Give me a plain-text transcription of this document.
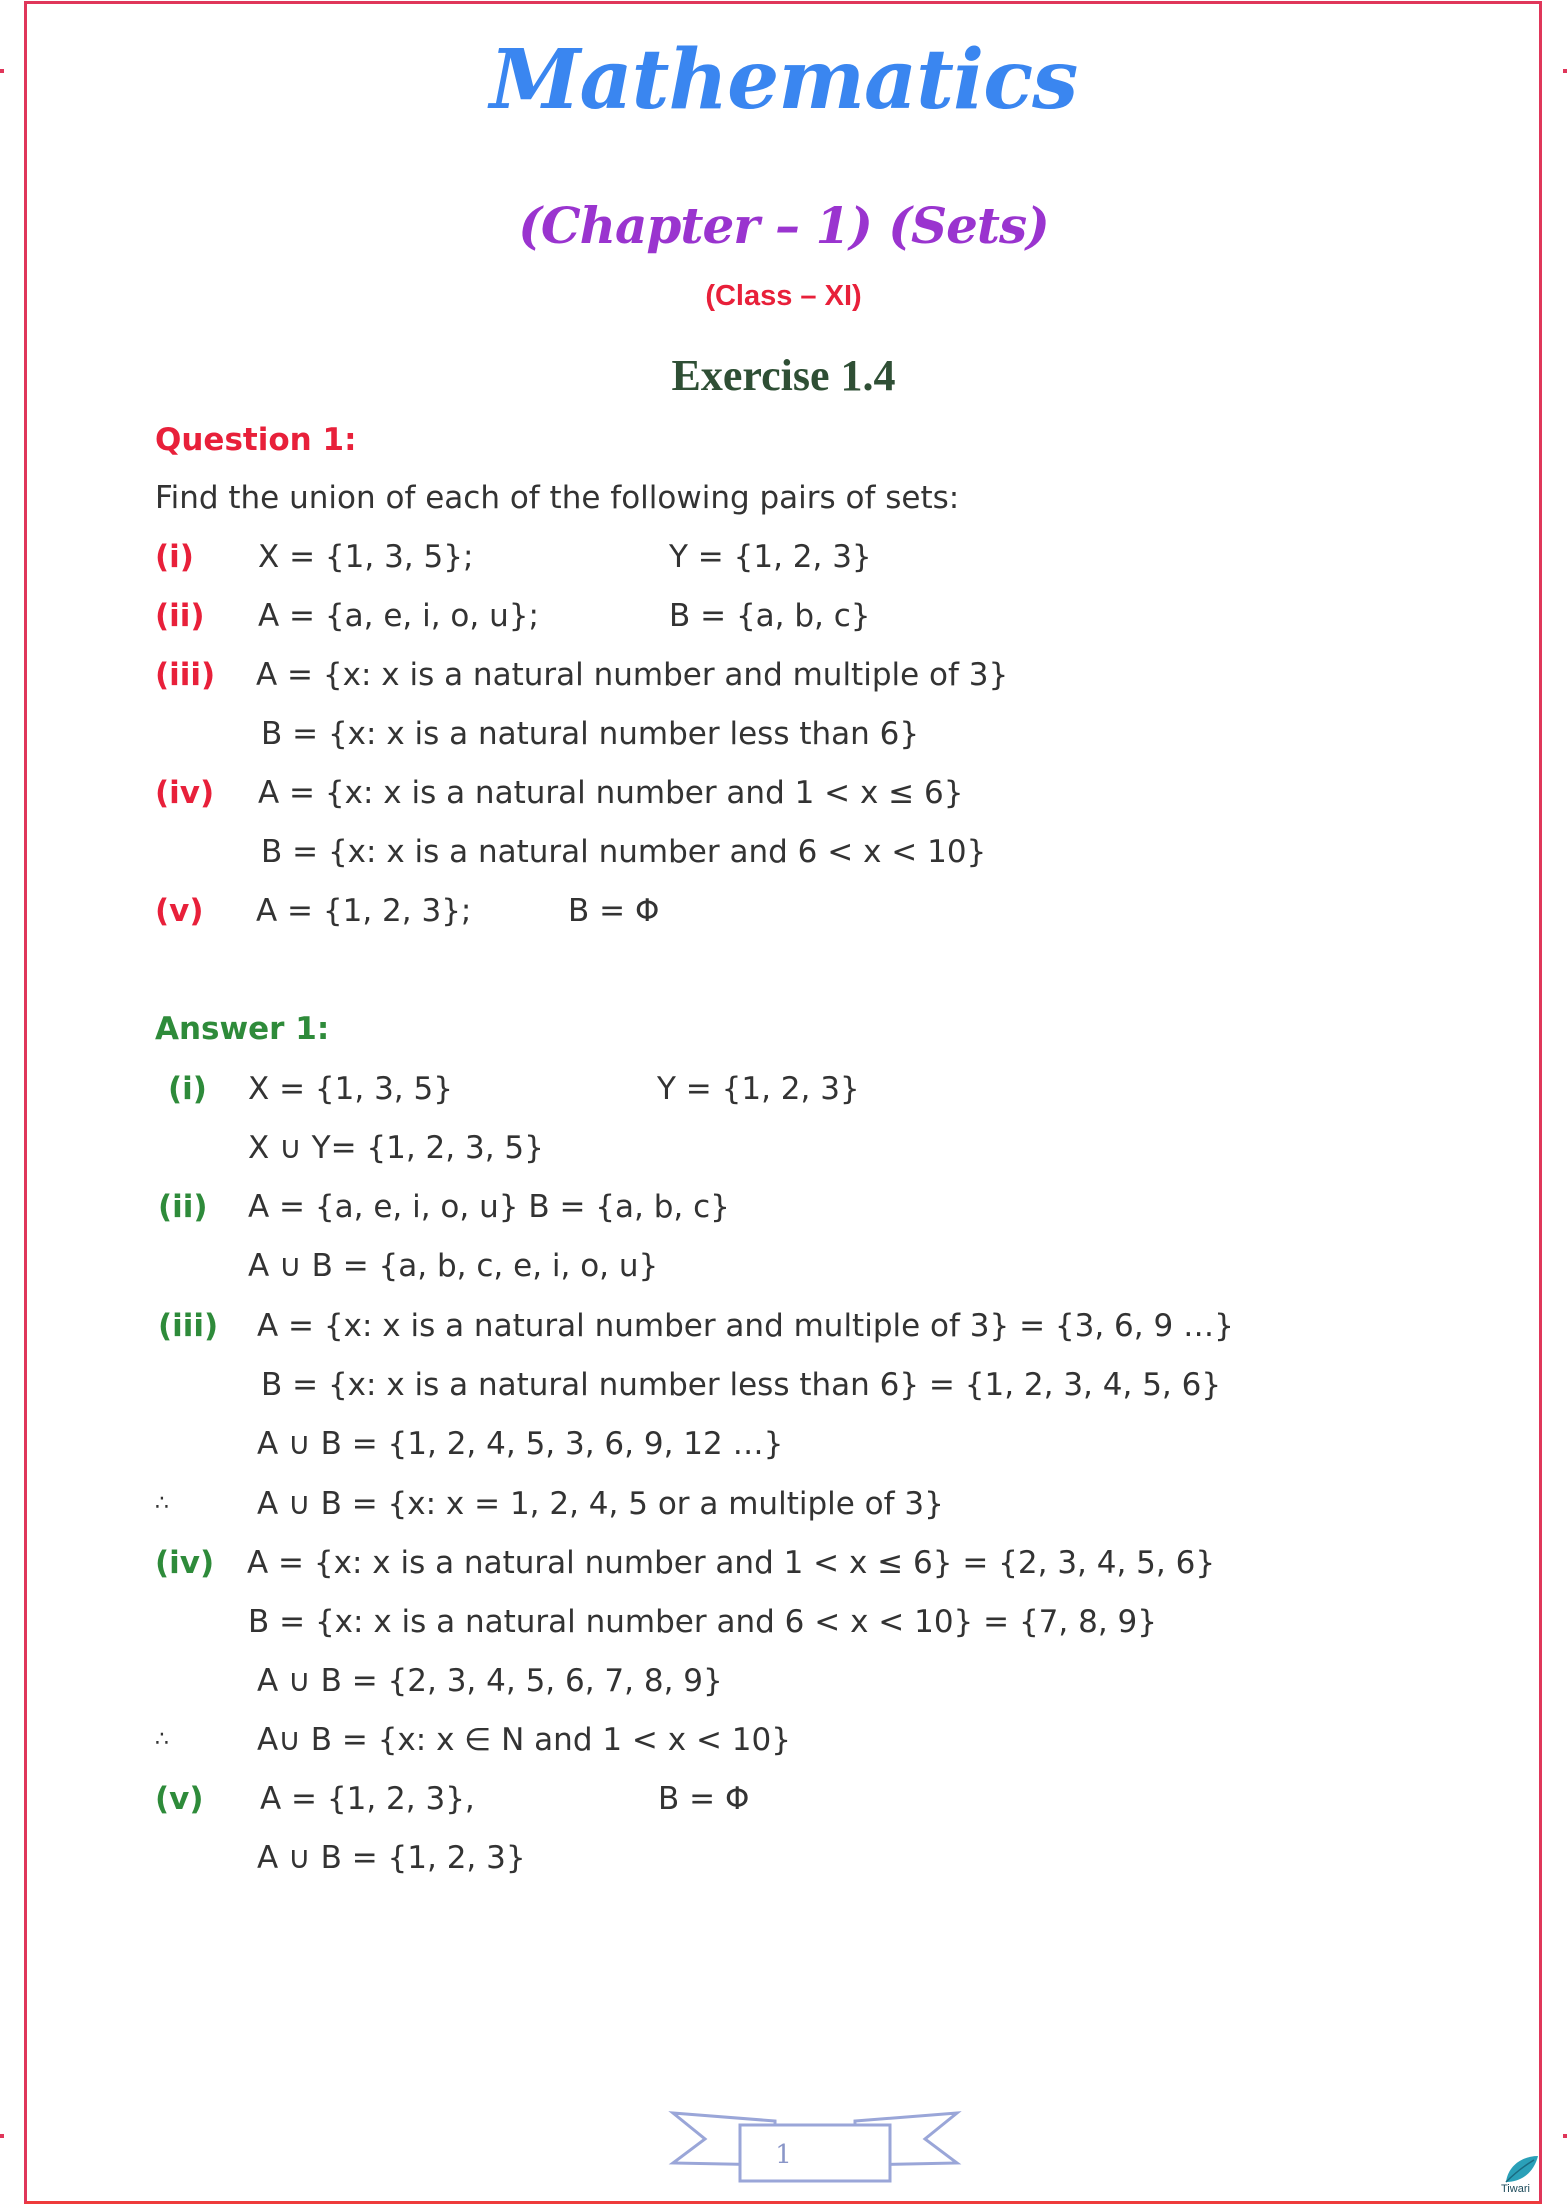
Mathematics
(Chapter – 1) (Sets)
(Class – XI)
Exercise 1.4
Question 1:
Find the union of each of the following pairs of sets:
(i) X = {1, 3, 5};	Y = {1, 2, 3}
(ii) A = {a, e, i, o, u};	B = {a, b, c}
(iii) A = {x: x is a natural number and multiple of 3}
B = {x: x is a natural number less than 6}
(iv) A = {x: x is a natural number and 1 < x ≤ 6}
B = {x: x is a natural number and 6 < x < 10}
(v) A = {1, 2, 3};	B = Φ
Answer 1:
(i) X = {1, 3, 5}	Y = {1, 2, 3}
X ∪ Y= {1, 2, 3, 5}
(ii) A = {a, e, i, o, u} B = {a, b, c}
A ∪ B = {a, b, c, e, i, o, u}
(iii) A = {x: x is a natural number and multiple of 3} = {3, 6, 9 …}
B = {x: x is a natural number less than 6} = {1, 2, 3, 4, 5, 6}
A ∪ B = {1, 2, 4, 5, 3, 6, 9, 12 …}
∴	A ∪ B = {x: x = 1, 2, 4, 5 or a multiple of 3}
(iv) A = {x: x is a natural number and 1 < x ≤ 6} = {2, 3, 4, 5, 6}
B = {x: x is a natural number and 6 < x < 10} = {7, 8, 9}
A ∪ B = {2, 3, 4, 5, 6, 7, 8, 9}
∴	A∪ B = {x: x ∈ N and 1 < x < 10}
(v) A = {1, 2, 3},	B = Φ
A ∪ B = {1, 2, 3}
1
Tiwari
